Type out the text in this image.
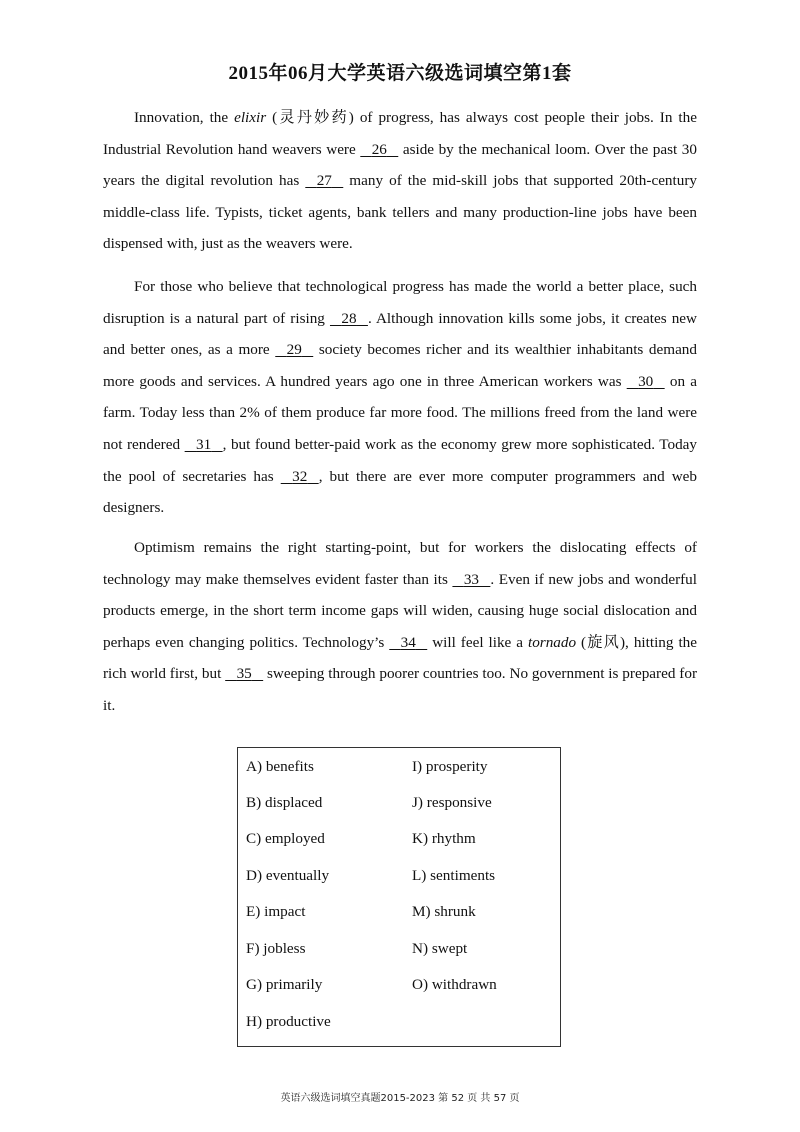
2015年06月大学英语六级选词填空第1套

Innovation, the elixir (灵丹妙药) of progress, has always cost people their jobs. In the Industrial Revolution hand weavers were    26    aside by the mechanical loom. Over the past 30 years the digital revolution has    27    many of the mid-skill jobs that supported 20th-century middle-class life. Typists, ticket agents, bank tellers and many production-line jobs have been dispensed with, just as the weavers were.

For those who believe that technological progress has made the world a better place, such disruption is a natural part of rising    28 . Although innovation kills some jobs, it creates new and better ones, as a more    29    society becomes richer and its wealthier inhabitants demand more goods and services. A hundred years ago one in three American workers was    30    on a farm. Today less than 2% of them produce far more food. The millions freed from the land were not rendered    31 , but found better-paid work as the economy grew more sophisticated. Today the pool of secretaries has    32 , but there are ever more computer programmers and web designers.

Optimism remains the right starting-point, but for workers the dislocating effects of technology may make themselves evident faster than its    33 . Even if new jobs and wonderful products emerge, in the short term income gaps will widen, causing huge social dislocation and perhaps even changing politics. Technology’s    34    will feel like a tornado (旋风), hitting the rich world first, but    35    sweeping through poorer countries too. No government is prepared for it.

A) benefits
B) displaced
C) employed
D) eventually
E) impact
F) jobless
G) primarily
H) productive
I) prosperity
J) responsive
K) rhythm
L) sentiments
M) shrunk
N) swept
O) withdrawn
英语六级选词填空真题2015-2023 第 52 页 共 57 页
